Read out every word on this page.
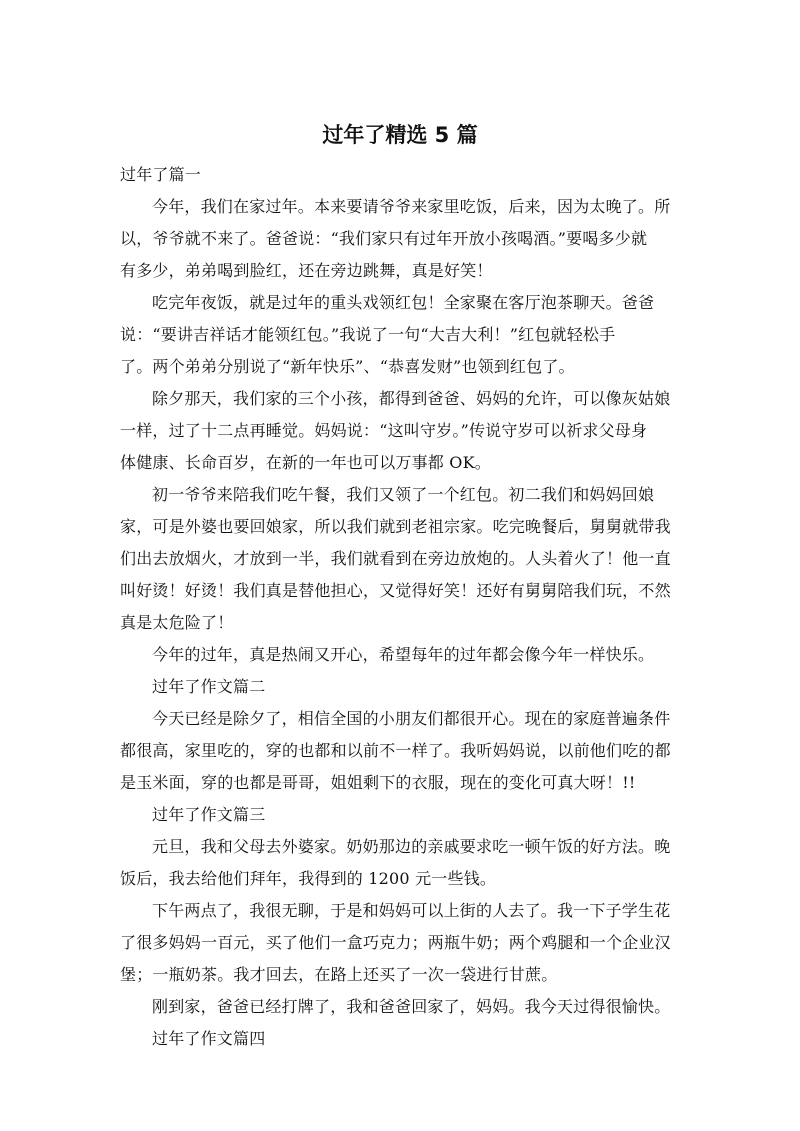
过年了精选 5 篇
过年了篇一
今年，我们在家过年。本来要请爷爷来家里吃饭，后来，因为太晚了。所
以，爷爷就不来了。爸爸说：“我们家只有过年开放小孩喝酒。”要喝多少就
有多少，弟弟喝到脸红，还在旁边跳舞，真是好笑！
吃完年夜饭，就是过年的重头戏领红包！全家聚在客厅泡茶聊天。爸爸
说：“要讲吉祥话才能领红包。”我说了一句“大吉大利！”红包就轻松手
了。两个弟弟分别说了“新年快乐”、“恭喜发财”也领到红包了。
除夕那天，我们家的三个小孩，都得到爸爸、妈妈的允许，可以像灰姑娘
一样，过了十二点再睡觉。妈妈说：“这叫守岁。”传说守岁可以祈求父母身
体健康、长命百岁，在新的一年也可以万事都 OK。
初一爷爷来陪我们吃午餐，我们又领了一个红包。初二我们和妈妈回娘
家，可是外婆也要回娘家，所以我们就到老祖宗家。吃完晚餐后，舅舅就带我
们出去放烟火，才放到一半，我们就看到在旁边放炮的。人头着火了！他一直
叫好烫！好烫！我们真是替他担心，又觉得好笑！还好有舅舅陪我们玩，不然
真是太危险了！
今年的过年，真是热闹又开心，希望每年的过年都会像今年一样快乐。
过年了作文篇二
今天已经是除夕了，相信全国的小朋友们都很开心。现在的家庭普遍条件
都很高，家里吃的，穿的也都和以前不一样了。我听妈妈说，以前他们吃的都
是玉米面，穿的也都是哥哥，姐姐剩下的衣服，现在的变化可真大呀！!!
过年了作文篇三
元旦，我和父母去外婆家。奶奶那边的亲戚要求吃一顿午饭的好方法。晚
饭后，我去给他们拜年，我得到的 1200 元一些钱。
下午两点了，我很无聊，于是和妈妈可以上街的人去了。我一下子学生花
了很多妈妈一百元，买了他们一盒巧克力；两瓶牛奶；两个鸡腿和一个企业汉
堡；一瓶奶茶。我才回去，在路上还买了一次一袋进行甘蔗。
刚到家，爸爸已经打牌了，我和爸爸回家了，妈妈。我今天过得很愉快。
过年了作文篇四
